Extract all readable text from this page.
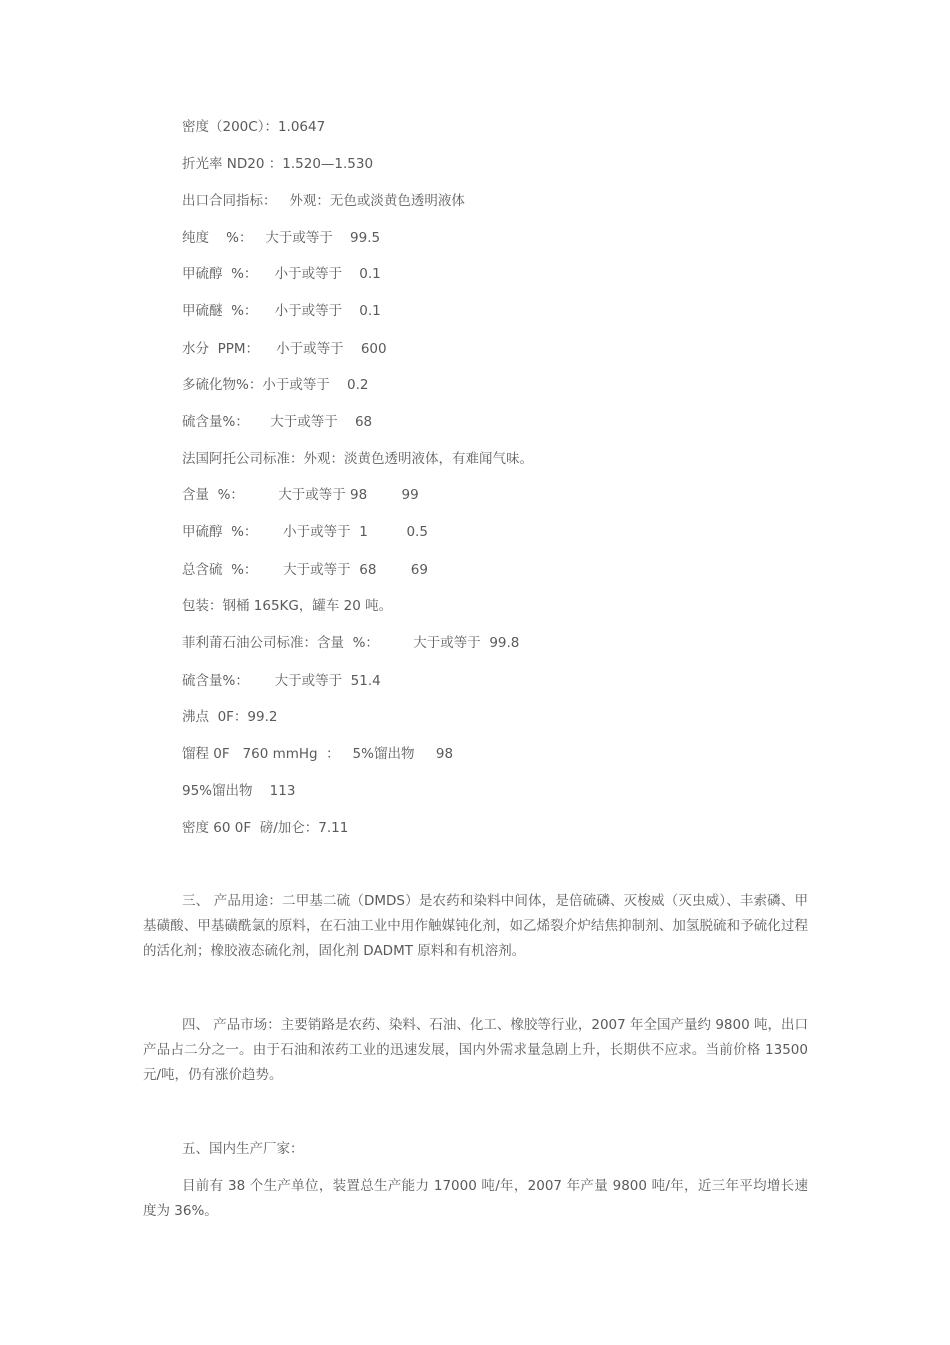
密度（200C）：1.0647
折光率 ND20 ：1.520—1.530
出口合同指标：   外观：无色或淡黄色透明液体
纯度    %：   大于或等于    99.5
甲硫醇  %：    小于或等于    0.1
甲硫醚  %：    小于或等于    0.1
水分  PPM：    小于或等于    600
多硫化物%：小于或等于    0.2
硫含量%：     大于或等于    68
法国阿托公司标准：外观：淡黄色透明液体，有难闻气味。
含量  %：        大于或等于 98        99
甲硫醇  %：      小于或等于  1         0.5
总含硫  %：      大于或等于  68        69
包装：钢桶 165KG，罐车 20 吨。
菲利莆石油公司标准：含量  %：        大于或等于  99.8
硫含量%：      大于或等于  51.4
沸点  0F：99.2
馏程 0F   760 mmHg  ：   5%馏出物     98
95%馏出物    113
密度 60 0F  磅/加仑：7.11
三、 产品用途：二甲基二硫（DMDS）是农药和染料中间体，是倍硫磷、灭梭威（灭虫威）、丰索磷、甲基磺酸、甲基磺酰氯的原料，在石油工业中用作触媒钝化剂，如乙烯裂介炉结焦抑制剂、加氢脱硫和予硫化过程的活化剂；橡胶液态硫化剂，固化剂 DADMT 原料和有机溶剂。
四、 产品市场：主要销路是农药、染料、石油、化工、橡胶等行业，2007 年全国产量约 9800 吨，出口产品占二分之一。由于石油和浓药工业的迅速发展，国内外需求量急剧上升，长期供不应求。当前价格 13500 元/吨，仍有涨价趋势。
五、国内生产厂家：
目前有 38 个生产单位，装置总生产能力 17000 吨/年，2007 年产量 9800 吨/年，近三年平均增长速度为 36%。
